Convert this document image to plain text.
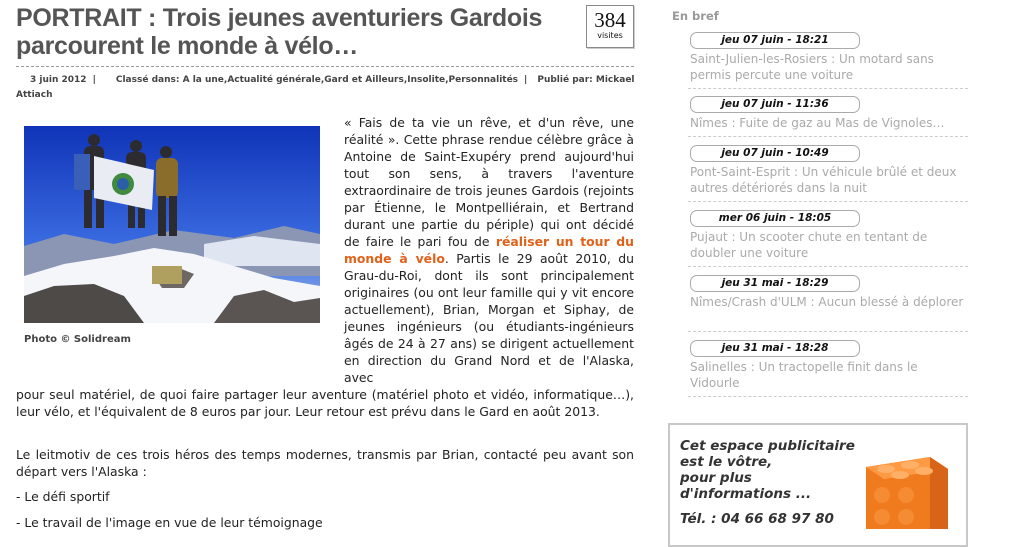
PORTRAIT : Trois jeunes aventuriers Gardois parcourent le monde à vélo…
384
visites
3 juin 2012 | Classé dans: A la une,Actualité générale,Gard et Ailleurs,Insolite,Personnalités | Publié par: Mickael Attiach
Photo © Solidream
« Fais de ta vie un rêve, et d'un rêve, une réalité ». Cette phrase rendue célèbre grâce à Antoine de Saint-Exupéry prend aujourd'hui tout son sens, à travers l'aventure extraordinaire de trois jeunes Gardois (rejoints par Étienne, le Montpelliérain, et Bertrand durant une partie du périple) qui ont décidé de faire le pari fou de réaliser un tour du monde à vélo. Partis le 29 août 2010, du Grau-du-Roi, dont ils sont principalement originaires (ou ont leur famille qui y vit encore actuellement), Brian, Morgan et Siphay, de jeunes ingénieurs (ou étudiants-ingénieurs âgés de 24 à 27 ans) se dirigent actuellement en direction du Grand Nord et de l'Alaska, avec
pour seul matériel, de quoi faire partager leur aventure (matériel photo et vidéo, informatique…), leur vélo, et l'équivalent de 8 euros par jour. Leur retour est prévu dans le Gard en août 2013.
Le leitmotiv de ces trois héros des temps modernes, transmis par Brian, contacté peu avant son départ vers l'Alaska :
- Le défi sportif
- Le travail de l'image en vue de leur témoignage
En bref
jeu 07 juin - 18:21
Saint-Julien-les-Rosiers : Un motard sans permis percute une voiture
jeu 07 juin - 11:36
Nîmes : Fuite de gaz au Mas de Vignoles…
jeu 07 juin - 10:49
Pont-Saint-Esprit : Un véhicule brûlé et deux autres détériorés dans la nuit
mer 06 juin - 18:05
Pujaut : Un scooter chute en tentant de doubler une voiture
jeu 31 mai - 18:29
Nîmes/Crash d'ULM : Aucun blessé à déplorer
jeu 31 mai - 18:28
Salinelles : Un tractopelle finit dans le Vidourle
Cet espace publicitaire
est le vôtre,
pour plus
d'informations ...
Tél. : 04 66 68 97 80
